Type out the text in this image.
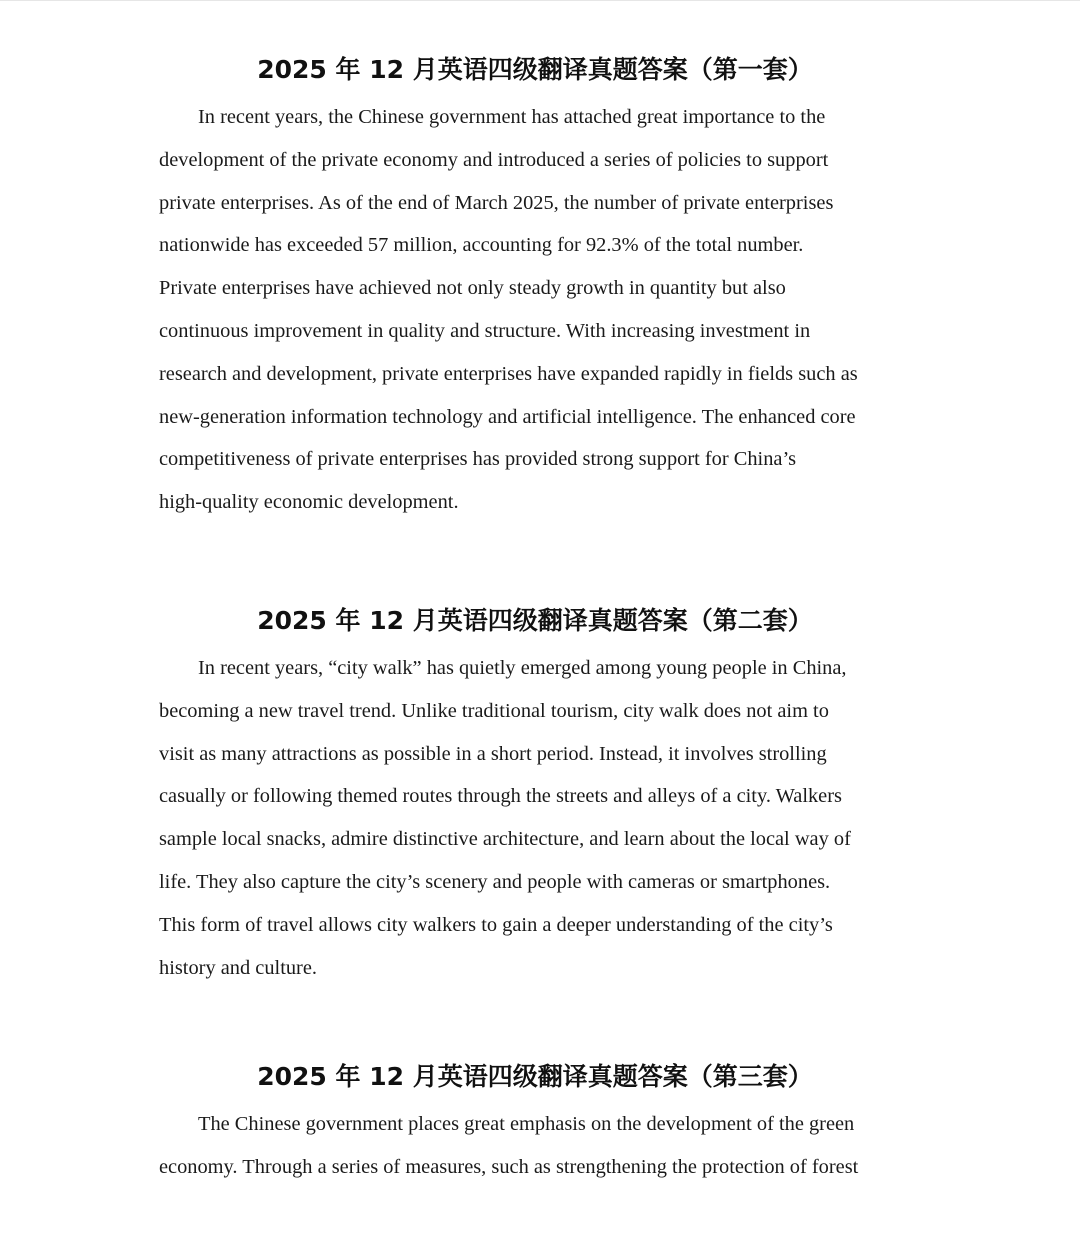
2025 年 12 月英语四级翻译真题答案（第一套）
In recent years, the Chinese government has attached great importance to the
development of the private economy and introduced a series of policies to support
private enterprises. As of the end of March 2025, the number of private enterprises
nationwide has exceeded 57 million, accounting for 92.3% of the total number.
Private enterprises have achieved not only steady growth in quantity but also
continuous improvement in quality and structure. With increasing investment in
research and development, private enterprises have expanded rapidly in fields such as
new-generation information technology and artificial intelligence. The enhanced core
competitiveness of private enterprises has provided strong support for China’s
high-quality economic development.
2025 年 12 月英语四级翻译真题答案（第二套）
In recent years, “city walk” has quietly emerged among young people in China,
becoming a new travel trend. Unlike traditional tourism, city walk does not aim to
visit as many attractions as possible in a short period. Instead, it involves strolling
casually or following themed routes through the streets and alleys of a city. Walkers
sample local snacks, admire distinctive architecture, and learn about the local way of
life. They also capture the city’s scenery and people with cameras or smartphones.
This form of travel allows city walkers to gain a deeper understanding of the city’s
history and culture.
2025 年 12 月英语四级翻译真题答案（第三套）
The Chinese government places great emphasis on the development of the green
economy. Through a series of measures, such as strengthening the protection of forest
